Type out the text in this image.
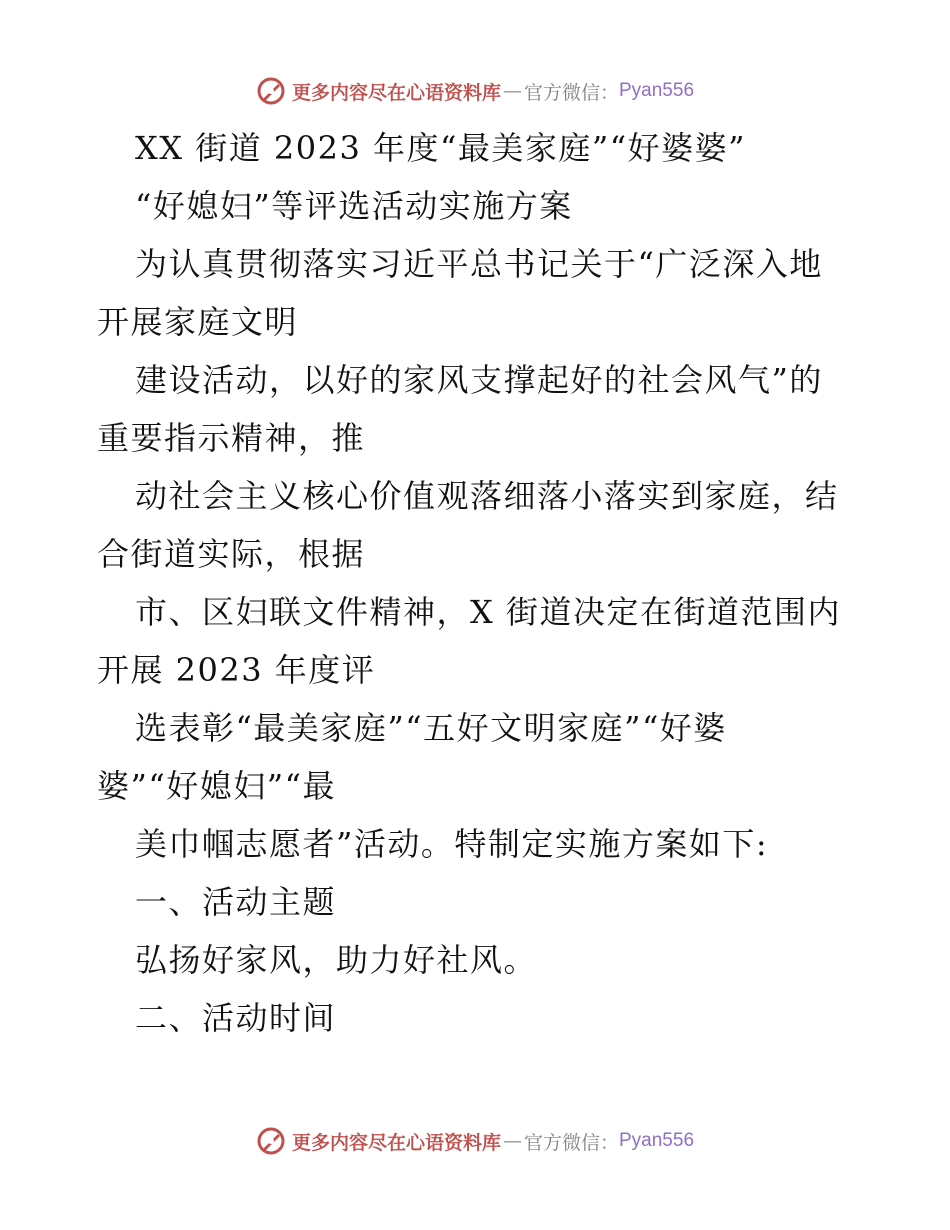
更多内容尽在心语资料库 — 官方微信： Pyan556
XX 街道 2023 年度“最美家庭”“好婆婆”
“好媳妇”等评选活动实施方案
为认真贯彻落实习近平总书记关于“广泛深入地
开展家庭文明
建设活动，以好的家风支撑起好的社会风气”的
重要指示精神，推
动社会主义核心价值观落细落小落实到家庭，结
合街道实际，根据
市、区妇联文件精神，X 街道决定在街道范围内
开展 2023 年度评
选表彰“最美家庭”“五好文明家庭”“好婆
婆”“好媳妇”“最
美巾帼志愿者”活动。特制定实施方案如下:
一、活动主题
弘扬好家风，助力好社风。
二、活动时间
更多内容尽在心语资料库 — 官方微信： Pyan556
